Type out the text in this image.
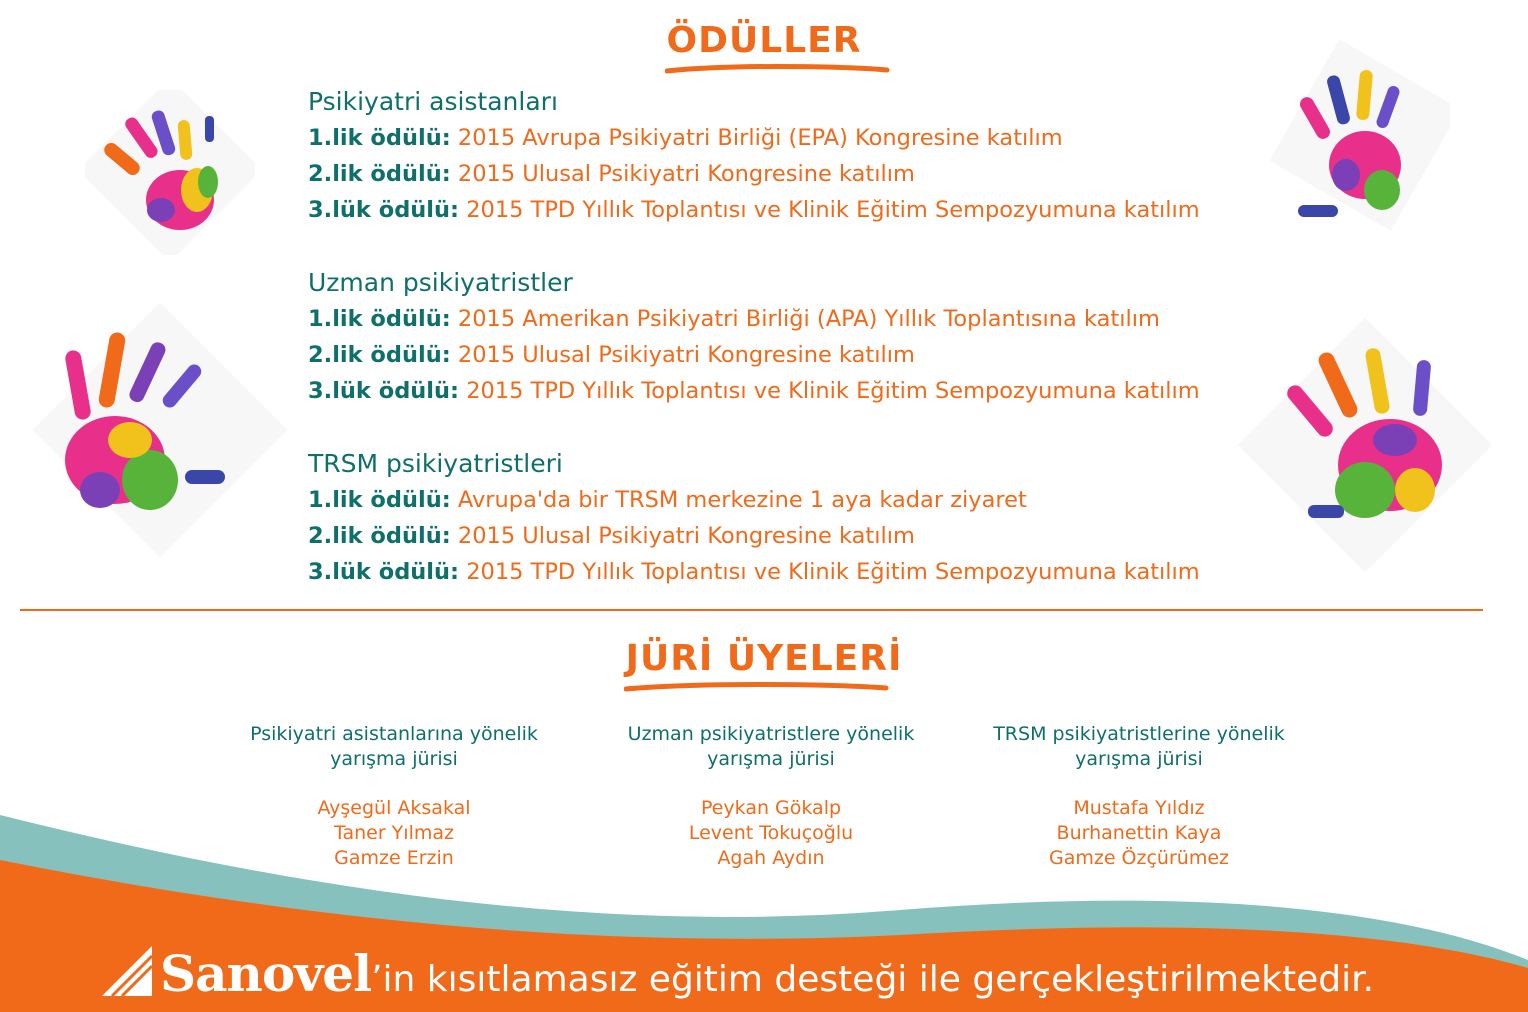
ÖDÜLLER
Psikiyatri asistanları
1.lik ödülü: 2015 Avrupa Psikiyatri Birliği (EPA) Kongresine katılım
2.lik ödülü: 2015 Ulusal Psikiyatri Kongresine katılım
3.lük ödülü: 2015 TPD Yıllık Toplantısı ve Klinik Eğitim Sempozyumuna katılım
Uzman psikiyatristler
1.lik ödülü: 2015 Amerikan Psikiyatri Birliği (APA) Yıllık Toplantısına katılım
2.lik ödülü: 2015 Ulusal Psikiyatri Kongresine katılım
3.lük ödülü: 2015 TPD Yıllık Toplantısı ve Klinik Eğitim Sempozyumuna katılım
TRSM psikiyatristleri
1.lik ödülü: Avrupa'da bir TRSM merkezine 1 aya kadar ziyaret
2.lik ödülü: 2015 Ulusal Psikiyatri Kongresine katılım
3.lük ödülü: 2015 TPD Yıllık Toplantısı ve Klinik Eğitim Sempozyumuna katılım
JÜRİ ÜYELERİ
Psikiyatri asistanlarına yönelik
yarışma jürisi
Ayşegül Aksakal
Taner Yılmaz
Gamze Erzin
Uzman psikiyatristlere yönelik
yarışma jürisi
Peykan Gökalp
Levent Tokuçoğlu
Agah Aydın
TRSM psikiyatristlerine yönelik
yarışma jürisi
Mustafa Yıldız
Burhanettin Kaya
Gamze Özçürümez
Sanovel’in kısıtlamasız eğitim desteği ile gerçekleştirilmektedir.
